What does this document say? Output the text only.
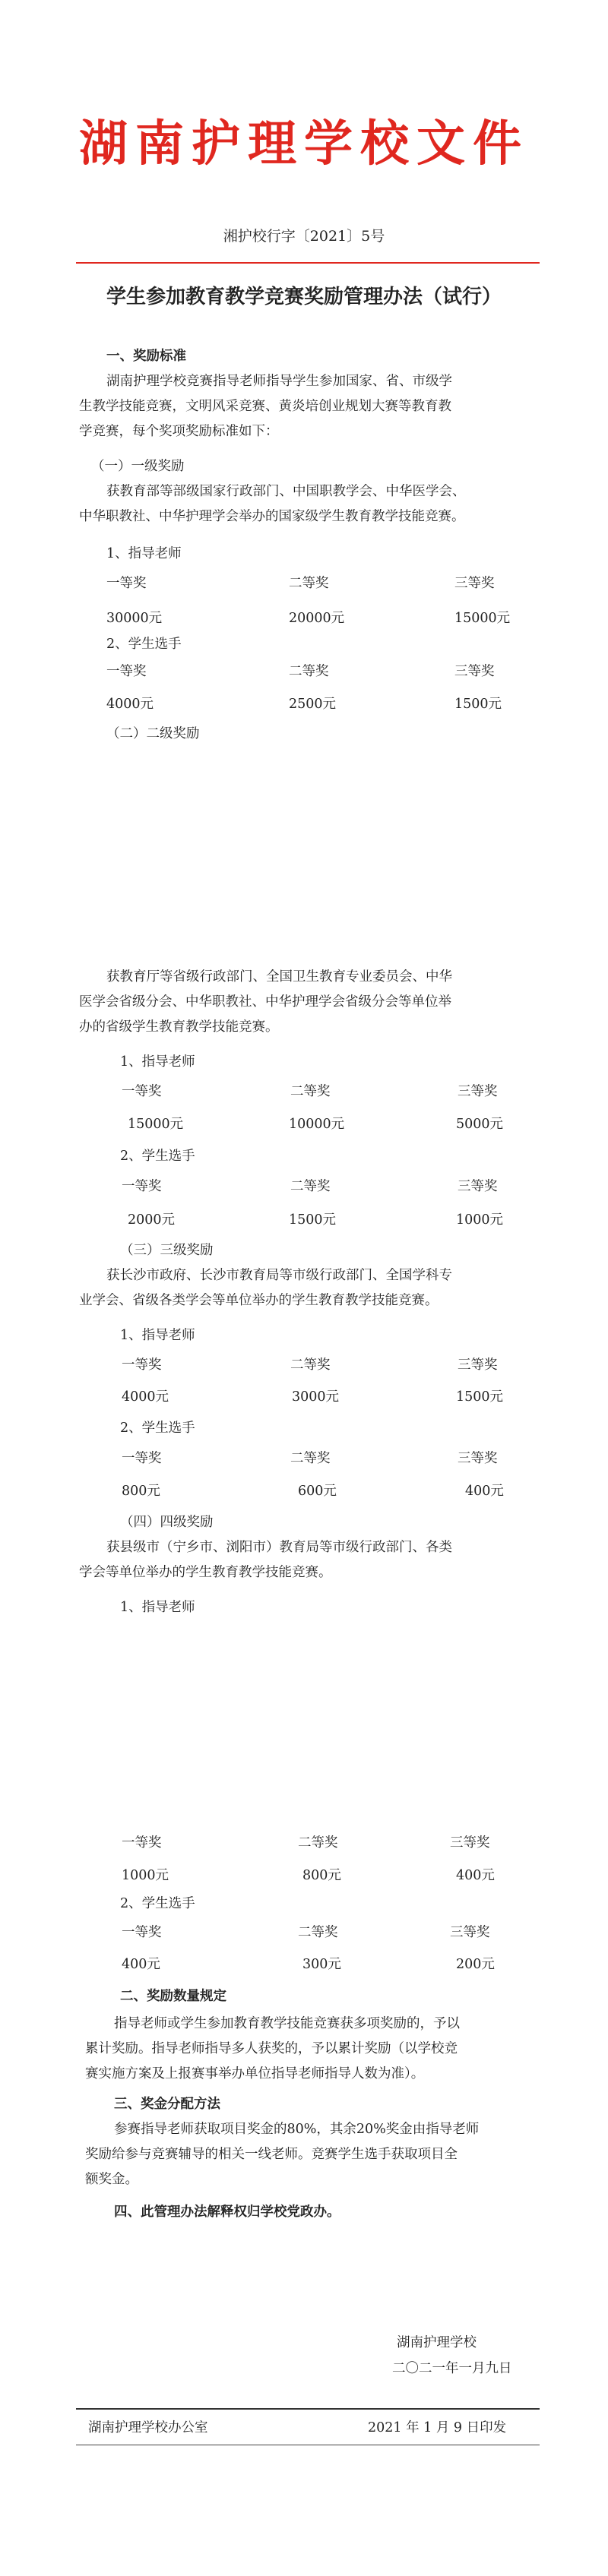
湖南护理学校文件
湘护校行字〔2021〕5号
学生参加教育教学竞赛奖励管理办法（试行）
一、奖励标准
湖南护理学校竞赛指导老师指导学生参加国家、省、市级学
生教学技能竞赛，文明风采竞赛、黄炎培创业规划大赛等教育教
学竞赛，每个奖项奖励标准如下：
（一）一级奖励
获教育部等部级国家行政部门、中国职教学会、中华医学会、
中华职教社、中华护理学会举办的国家级学生教育教学技能竞赛。
1、指导老师
一等奖	二等奖	三等奖
30000元	20000元	15000元
2、学生选手
一等奖	二等奖	三等奖
4000元	2500元	1500元
（二）二级奖励
获教育厅等省级行政部门、全国卫生教育专业委员会、中华
医学会省级分会、中华职教社、中华护理学会省级分会等单位举
办的省级学生教育教学技能竞赛。
1、指导老师
一等奖	二等奖	三等奖
15000元	10000元	5000元
2、学生选手
一等奖	二等奖	三等奖
2000元	1500元	1000元
（三）三级奖励
获长沙市政府、长沙市教育局等市级行政部门、全国学科专
业学会、省级各类学会等单位举办的学生教育教学技能竞赛。
1、指导老师
一等奖	二等奖	三等奖
4000元	3000元	1500元
2、学生选手
一等奖	二等奖	三等奖
800元	600元	400元
（四）四级奖励
获县级市（宁乡市、浏阳市）教育局等市级行政部门、各类
学会等单位举办的学生教育教学技能竞赛。
1、指导老师
一等奖	二等奖	三等奖
1000元	800元	400元
2、学生选手
一等奖	二等奖	三等奖
400元	300元	200元
二、奖励数量规定
指导老师或学生参加教育教学技能竞赛获多项奖励的，予以
累计奖励。指导老师指导多人获奖的，予以累计奖励（以学校竞
赛实施方案及上报赛事举办单位指导老师指导人数为准）。
三、奖金分配方法
参赛指导老师获取项目奖金的80%，其余20%奖金由指导老师
奖励给参与竞赛辅导的相关一线老师。竞赛学生选手获取项目全
额奖金。
四、此管理办法解释权归学校党政办。
湖南护理学校
二〇二一年一月九日
湖南护理学校办公室	2021 年 1 月 9 日印发
